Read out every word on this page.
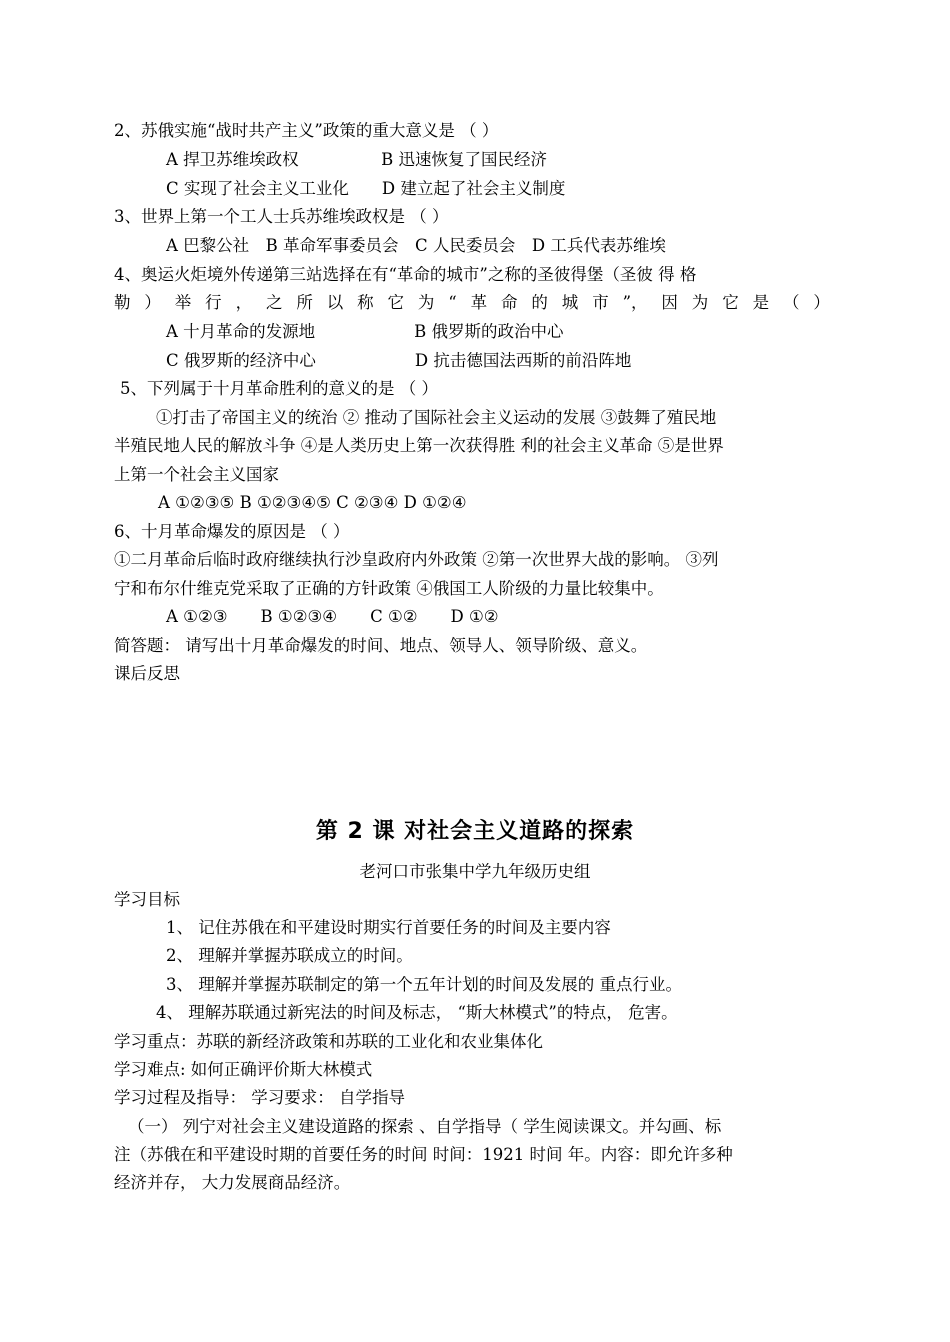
2、苏俄实施“战时共产主义”政策的重大意义是 （ ）
A 捍卫苏维埃政权　　　　　B 迅速恢复了国民经济
C 实现了社会主义工业化　　D 建立起了社会主义制度
3、世界上第一个工人士兵苏维埃政权是 （ ）
A 巴黎公社　B 革命军事委员会　C 人民委员会　D 工兵代表苏维埃
4、奥运火炬境外传递第三站选择在有“革命的城市”之称的圣彼得堡（圣彼 得 格
勒 ） 举 行 ， 之 所 以 称 它 为 “ 革 命 的 城 市 ”， 因 为 它 是 （ ）
A 十月革命的发源地　　　　　　B 俄罗斯的政治中心
C 俄罗斯的经济中心　　　　　　D 抗击德国法西斯的前沿阵地
5、下列属于十月革命胜利的意义的是 （ ）
①打击了帝国主义的统治 ② 推动了国际社会主义运动的发展 ③鼓舞了殖民地
半殖民地人民的解放斗争 ④是人类历史上第一次获得胜 利的社会主义革命 ⑤是世界
上第一个社会主义国家
A ①②③⑤ B ①②③④⑤ C ②③④ D ①②④
6、十月革命爆发的原因是 （ ）
①二月革命后临时政府继续执行沙皇政府内外政策 ②第一次世界大战的影响。 ③列
宁和布尔什维克党采取了正确的方针政策 ④俄国工人阶级的力量比较集中。
A ①②③　　B ①②③④　　C ①②　　D ①②
简答题： 请写出十月革命爆发的时间、地点、领导人、领导阶级、意义。
课后反思
第 2 课 对社会主义道路的探索
老河口市张集中学九年级历史组
学习目标
1、 记住苏俄在和平建设时期实行首要任务的时间及主要内容
2、 理解并掌握苏联成立的时间。
3、 理解并掌握苏联制定的第一个五年计划的时间及发展的 重点行业。
4、 理解苏联通过新宪法的时间及标志， “斯大林模式”的特点， 危害。
学习重点：苏联的新经济政策和苏联的工业化和农业集体化
学习难点: 如何正确评价斯大林模式
学习过程及指导： 学习要求： 自学指导
（一） 列宁对社会主义建设道路的探索 、自学指导（ 学生阅读课文。并勾画、标
注（苏俄在和平建设时期的首要任务的时间 时间：1921 时间 年。内容：即允许多种
经济并存， 大力发展商品经济。
